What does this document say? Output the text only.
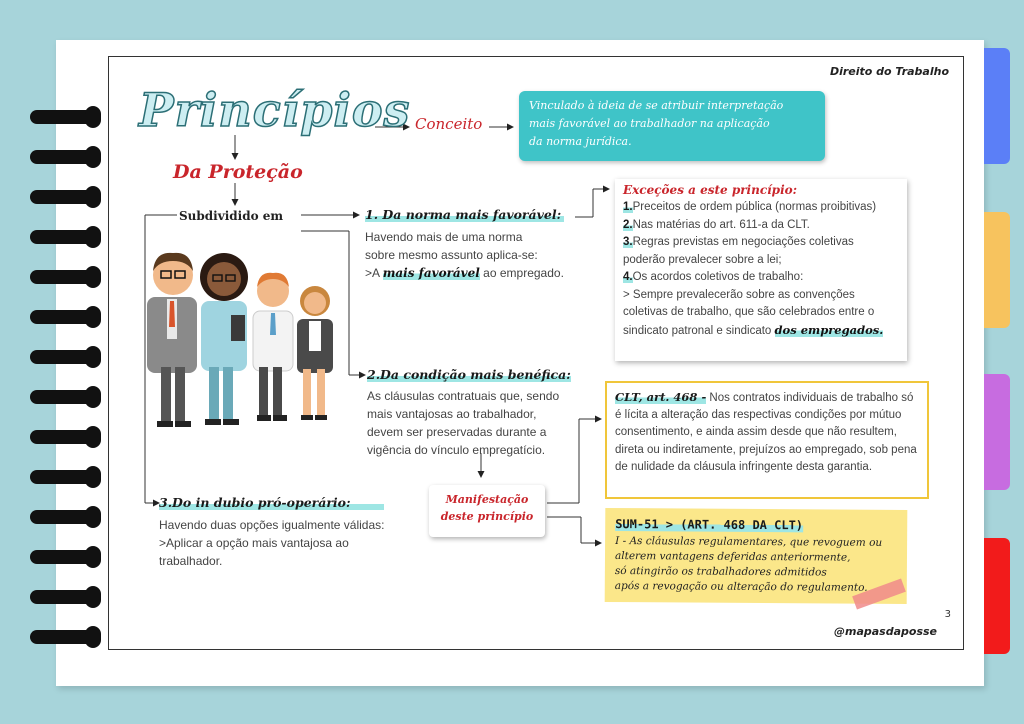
Direito do Trabalho
Princípios Conceito
Vinculado à ideia de se atribuir interpretação
mais favorável ao trabalhador na aplicação
da norma jurídica.
Da Proteção
Subdividido em	1. Da norma mais favorável:
Havendo mais de uma norma
sobre mesmo assunto aplica-se:
>A mais favorável ao empregado.
Exceções a este princípio:
1.Preceitos de ordem pública (normas proibitivas)
2.Nas matérias do art. 611-a da CLT.
3.Regras previstas em negociações coletivas
poderão prevalecer sobre a lei;
4.Os acordos coletivos de trabalho:
> Sempre prevalecerão sobre as convenções
coletivas de trabalho, que são celebrados entre o
sindicato patronal e sindicato dos empregados.
2.Da condição mais benéfica:
As cláusulas contratuais que, sendo
mais vantajosas ao trabalhador,
devem ser preservadas durante a
vigência do vínculo empregatício.
CLT, art. 468 - Nos contratos individuais de trabalho só é lícita a alteração das respectivas condições por mútuo consentimento, e ainda assim desde que não resultem, direta ou indiretamente, prejuízos ao empregado, sob pena de nulidade da cláusula infringente desta garantia.
Manifestação
deste princípio
SUM-51 > (ART. 468 DA CLT)
I - As cláusulas regulamentares, que revoguem ou
alterem vantagens deferidas anteriormente,
só atingirão os trabalhadores admitidos
após a revogação ou alteração do regulamento.
3.Do in dubio pró-operário:
Havendo duas opções igualmente válidas:
>Aplicar a opção mais vantajosa ao
trabalhador.
3
@mapasdaposse
